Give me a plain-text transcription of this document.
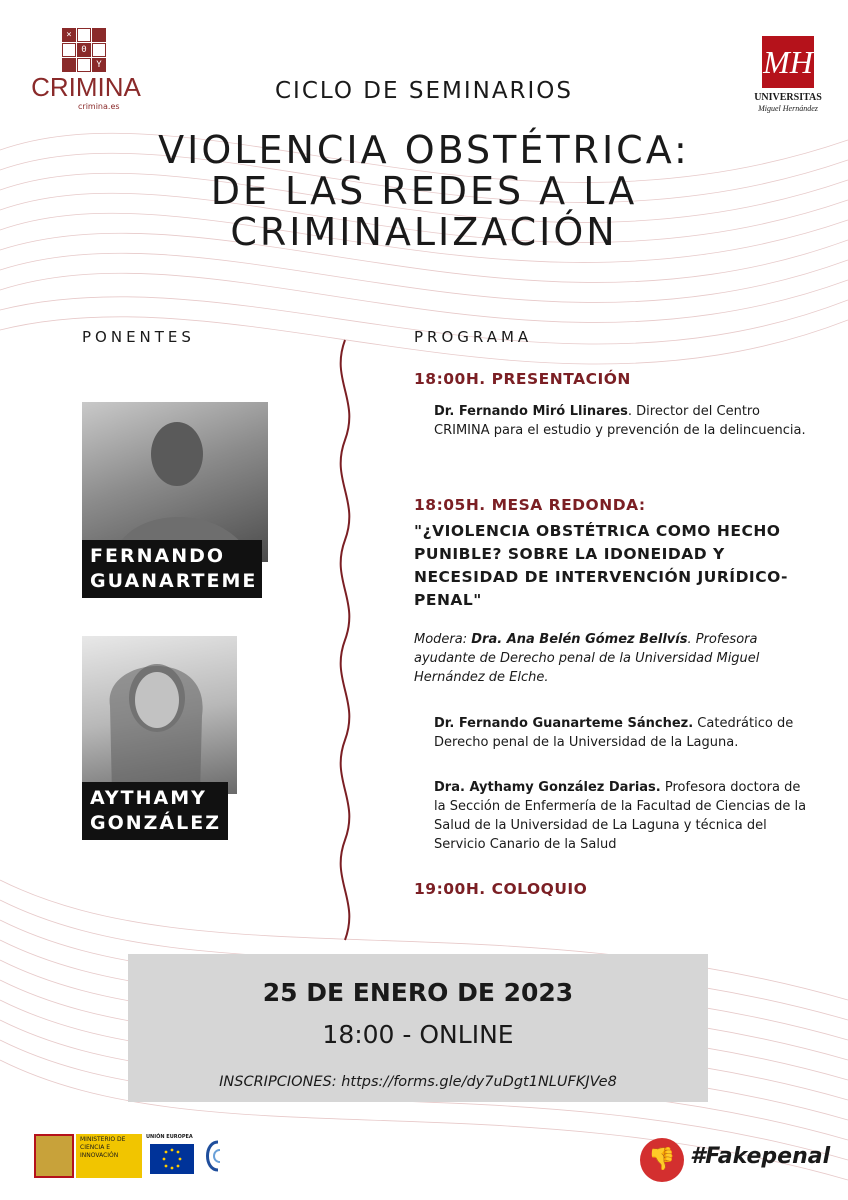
×
0
Y
CRIMINA
crimina.es
MH
UNIVERSITAS
Miguel Hernández
CICLO DE SEMINARIOS
VIOLENCIA OBSTÉTRICA:
DE LAS REDES A LA
CRIMINALIZACIÓN
PONENTES	PROGRAMA
FERNANDO
GUANARTEME
AYTHAMY
GONZÁLEZ
18:00H. PRESENTACIÓN
Dr. Fernando Miró Llinares. Director del Centro CRIMINA para el estudio y prevención de la delincuencia.
18:05H. MESA REDONDA:
"¿VIOLENCIA OBSTÉTRICA COMO HECHO PUNIBLE? SOBRE LA IDONEIDAD Y NECESIDAD DE INTERVENCIÓN JURÍDICO-PENAL"
Modera: Dra. Ana Belén Gómez Bellvís. Profesora ayudante de Derecho penal de la Universidad Miguel Hernández de Elche.
Dr. Fernando Guanarteme Sánchez. Catedrático de Derecho penal de la Universidad de la Laguna.
Dra. Aythamy González Darias. Profesora doctora de la Sección de Enfermería de la Facultad de Ciencias de la Salud de la Universidad de La Laguna y técnica del Servicio Canario de la Salud
19:00H. COLOQUIO
25 DE ENERO DE 2023
18:00 - ONLINE
INSCRIPCIONES: https://forms.gle/dy7uDgt1NLUFKJVe8
MINISTERIO DE CIENCIA E INNOVACIÓN
UNIÓN EUROPEA
👎 #Fakepenal
